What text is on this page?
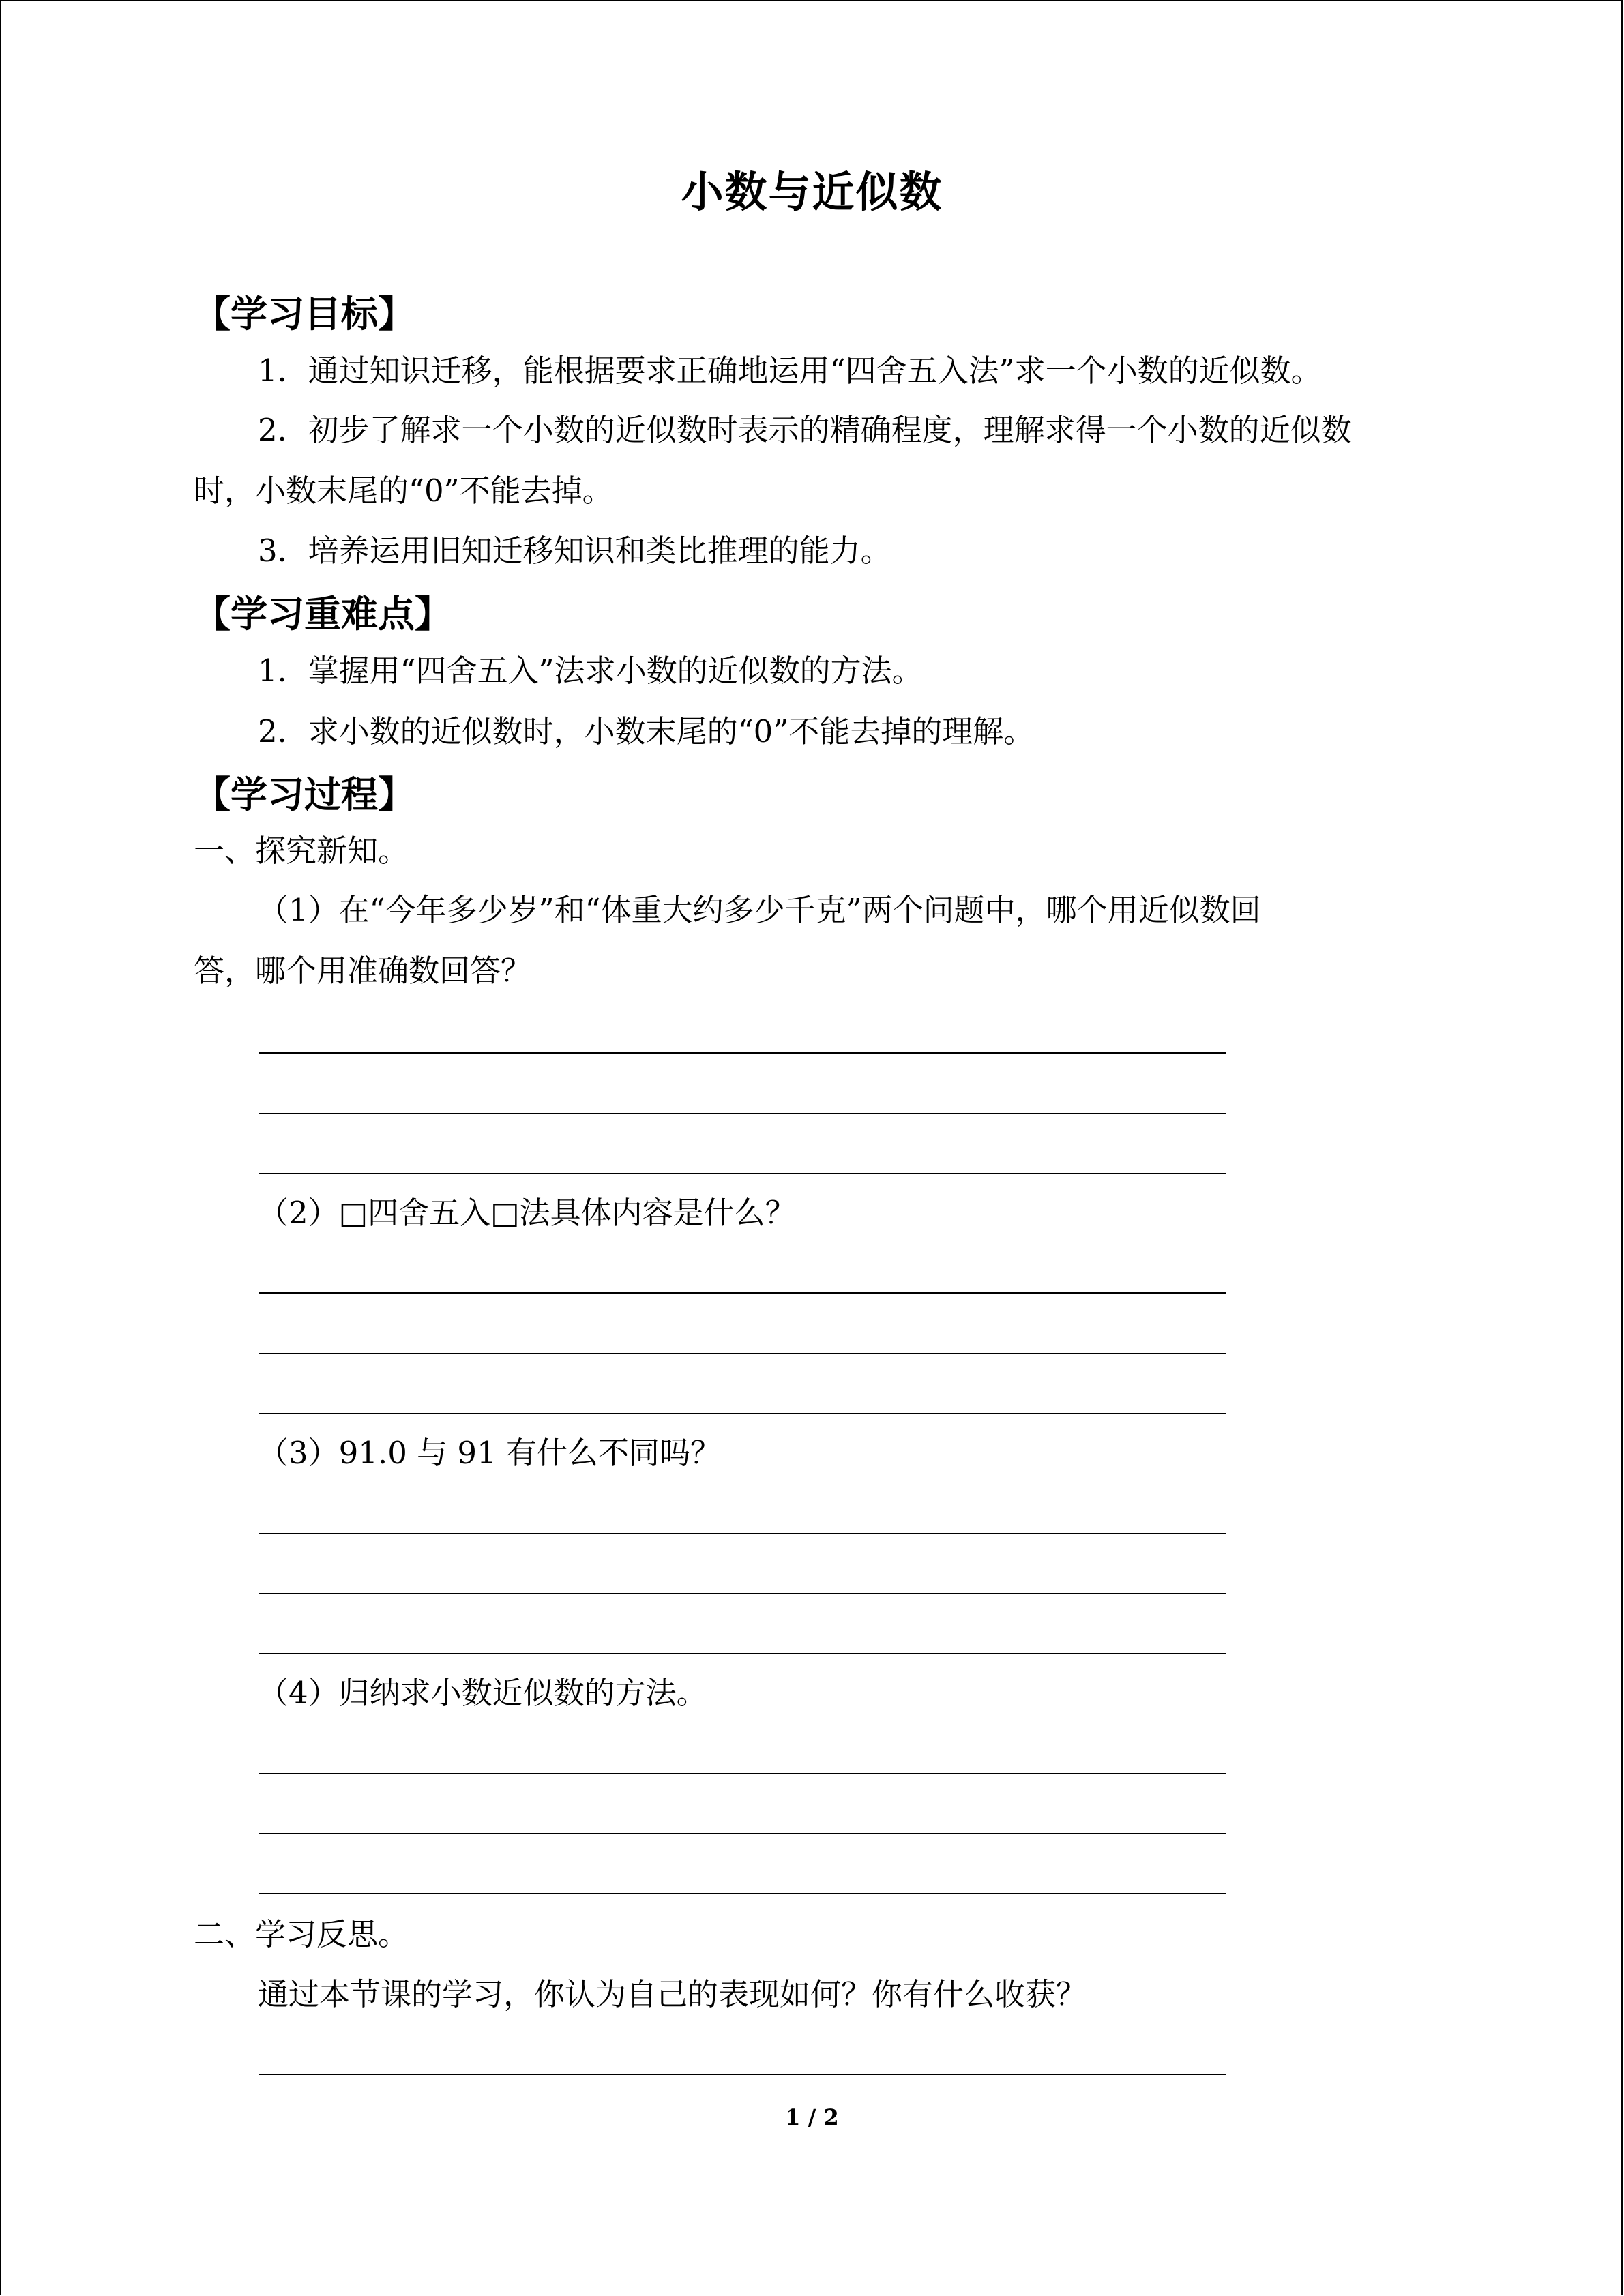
小数与近似数
【学习目标】
1．通过知识迁移，能根据要求正确地运用“四舍五入法”求一个小数的近似数。
2．初步了解求一个小数的近似数时表示的精确程度，理解求得一个小数的近似数
时，小数末尾的“0”不能去掉。
3．培养运用旧知迁移知识和类比推理的能力。
【学习重难点】
1．掌握用“四舍五入”法求小数的近似数的方法。
2．求小数的近似数时，小数末尾的“0”不能去掉的理解。
【学习过程】
一、探究新知。
（1）在“今年多少岁”和“体重大约多少千克”两个问题中，哪个用近似数回
答，哪个用准确数回答？
（2）□四舍五入□法具体内容是什么？
（3）91.0 与 91 有什么不同吗？
（4）归纳求小数近似数的方法。
二、学习反思。
通过本节课的学习，你认为自己的表现如何？你有什么收获？
1 / 2
